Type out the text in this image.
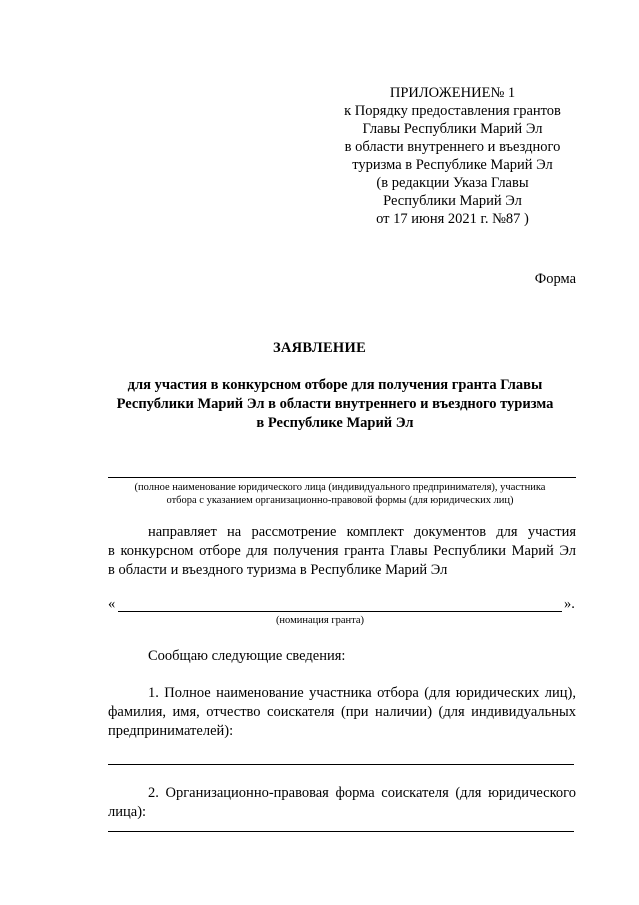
ПРИЛОЖЕНИЕ№ 1
к Порядку предоставления грантов
Главы Республики Марий Эл
в области внутреннего и въездного
туризма в Республике Марий Эл
(в редакции Указа Главы
Республики Марий Эл
от 17 июня 2021 г. №87 )
Форма
ЗАЯВЛЕНИЕ
для участия в конкурсном отборе для получения гранта Главы
Республики Марий Эл в области внутреннего и въездного туризма
в Республике Марий Эл
(полное наименование юридического лица (индивидуального предпринимателя), участника
отбора с указанием организационно-правовой формы (для юридических лиц)
направляет на рассмотрение комплект документов для участия
в конкурсном отборе для получения гранта Главы Республики Марий Эл
в области и въездного туризма в Республике Марий Эл
«	».
(номинация гранта)
Сообщаю следующие сведения:
1. Полное наименование участника отбора (для юридических лиц),
фамилия, имя, отчество соискателя (при наличии) (для индивидуальных
предпринимателей):
2. Организационно-правовая форма соискателя (для юридического
лица):
